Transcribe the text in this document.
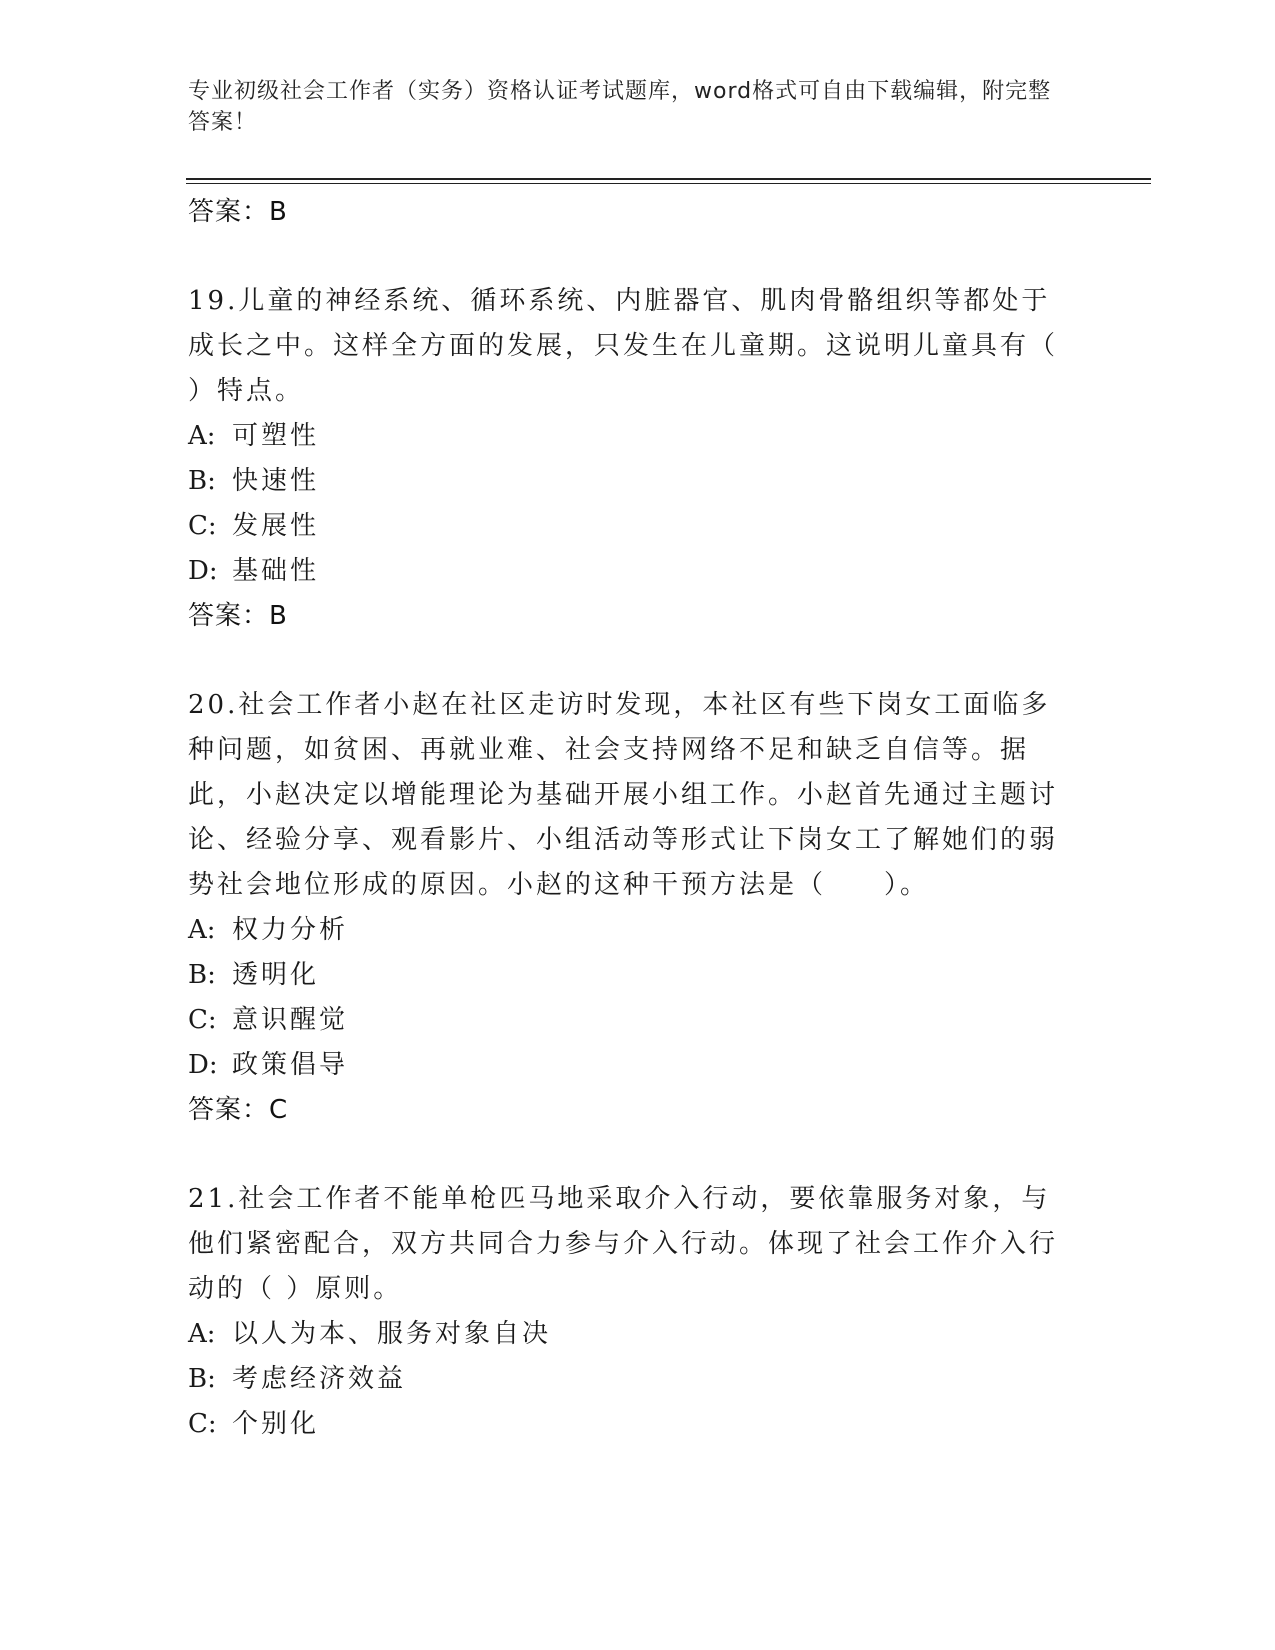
专业初级社会工作者（实务）资格认证考试题库，word格式可自由下载编辑，附完整答案！
答案：B
19.儿童的神经系统、循环系统、内脏器官、肌肉骨骼组织等都处于成长之中。这样全方面的发展，只发生在儿童期。这说明儿童具有（ ）特点。
A: 可塑性
B: 快速性
C: 发展性
D: 基础性
答案：B
20.社会工作者小赵在社区走访时发现，本社区有些下岗女工面临多种问题，如贫困、再就业难、社会支持网络不足和缺乏自信等。据此，小赵决定以增能理论为基础开展小组工作。小赵首先通过主题讨论、经验分享、观看影片、小组活动等形式让下岗女工了解她们的弱势社会地位形成的原因。小赵的这种干预方法是（　　）。
A: 权力分析
B: 透明化
C: 意识醒觉
D: 政策倡导
答案：C
21.社会工作者不能单枪匹马地采取介入行动，要依靠服务对象，与他们紧密配合，双方共同合力参与介入行动。体现了社会工作介入行动的（ ）原则。
A: 以人为本、服务对象自决
B: 考虑经济效益
C: 个别化
